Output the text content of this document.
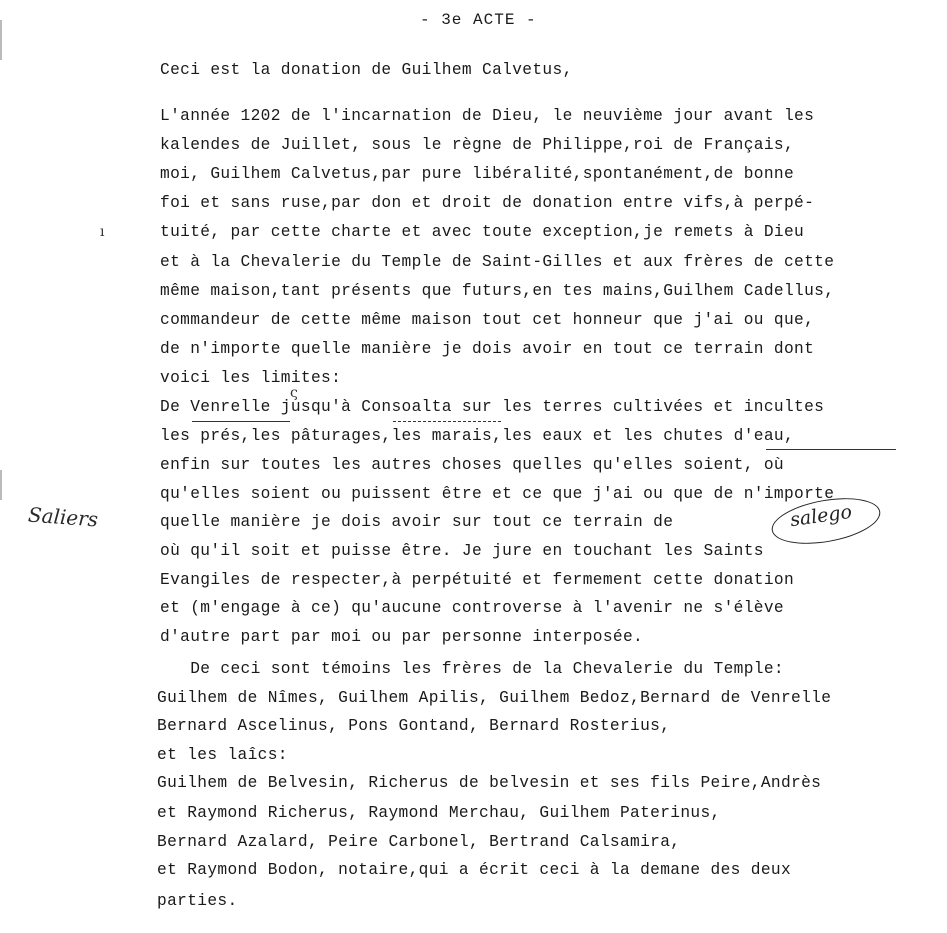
- 3e ACTE -
Ceci est la donation de Guilhem Calvetus,
L'année 1202 de l'incarnation de Dieu, le neuvième jour avant les
kalendes de Juillet, sous le règne de Philippe,roi de Français,
moi, Guilhem Calvetus,par pure libéralité,spontanément,de bonne
foi et sans ruse,par don et droit de donation entre vifs,à perpé-
tuité, par cette charte et avec toute exception,je remets à Dieu
et à la Chevalerie du Temple de Saint-Gilles et aux frères de cette
même maison,tant présents que futurs,en tes mains,Guilhem Cadellus,
commandeur de cette même maison tout cet honneur que j'ai ou que,
de n'importe quelle manière je dois avoir en tout ce terrain dont
voici les limites:
De Venrelle jusqu'à Consoalta sur les terres cultivées et incultes
les prés,les pâturages,les marais,les eaux et les chutes d'eau,
enfin sur toutes les autres choses quelles qu'elles soient, où
qu'elles soient ou puissent être et ce que j'ai ou que de n'importe
quelle manière je dois avoir sur tout ce terrain de
où qu'il soit et puisse être. Je jure en touchant les Saints
Evangiles de respecter,à perpétuité et fermement cette donation
et (m'engage à ce) qu'aucune controverse à l'avenir ne s'élève
d'autre part par moi ou par personne interposée.
De ceci sont témoins les frères de la Chevalerie du Temple:
Guilhem de Nîmes, Guilhem Apilis, Guilhem Bedoz,Bernard de Venrelle
Bernard Ascelinus, Pons Gontand, Bernard Rosterius,
et les laîcs:
Guilhem de Belvesin, Richerus de belvesin et ses fils Peire,Andrès
et Raymond Richerus, Raymond Merchau, Guilhem Paterinus,
Bernard Azalard, Peire Carbonel, Bertrand Calsamira,
et Raymond Bodon, notaire,qui a écrit ceci à la demane des deux
parties.
Saliers	salego
ı
ς
